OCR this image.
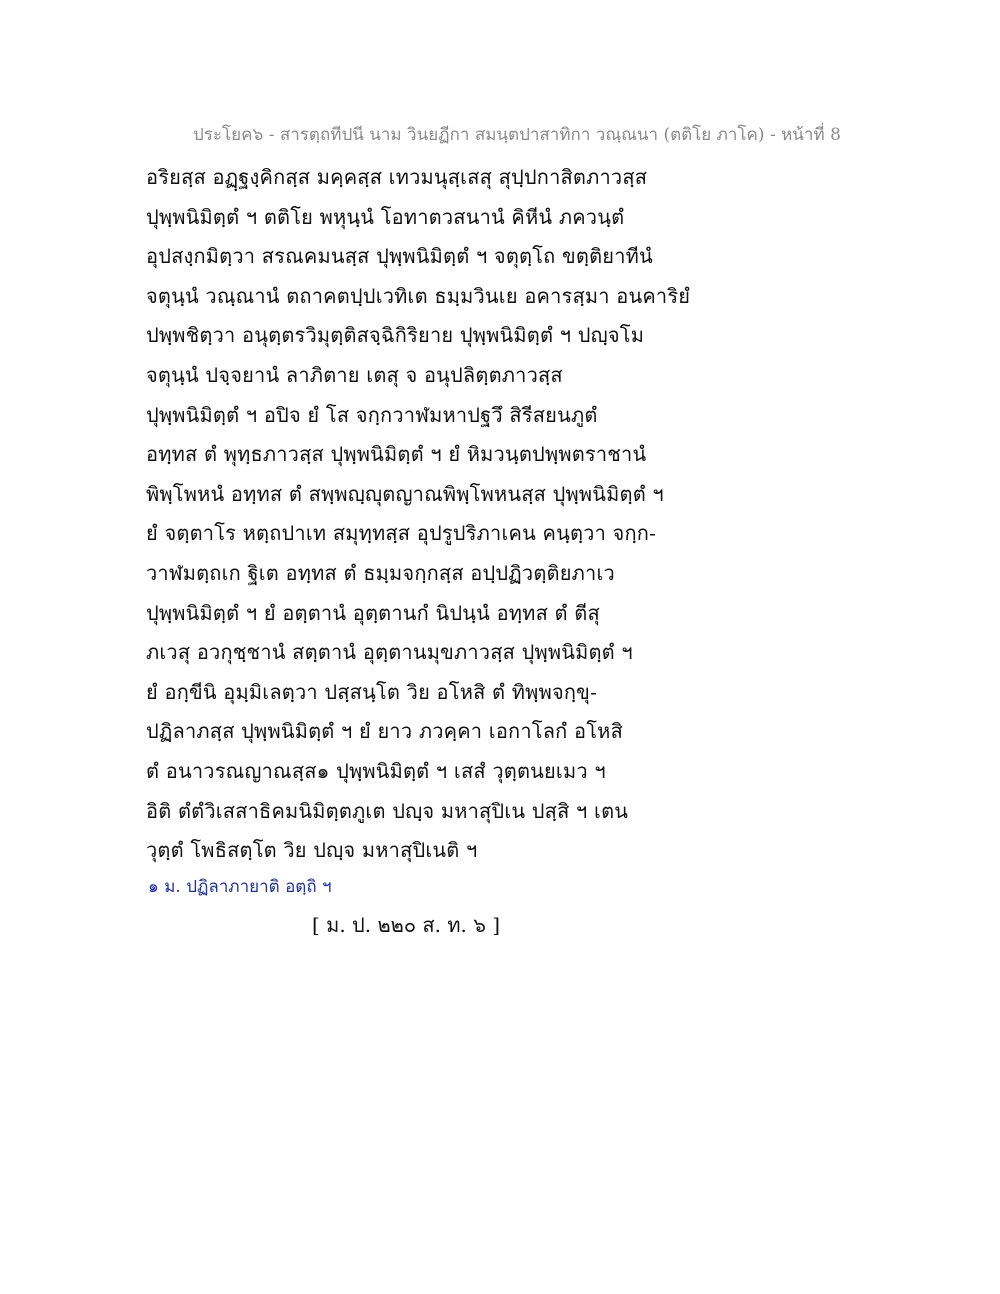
ประโยค๖ - สารตฺถทีปนี นาม วินยฏีกา สมนฺตปาสาทิกา วณฺณนา (ตติโย ภาโค) - หน้าที่ 8
อริยสฺส อฏฺฐงฺคิกสฺส มคฺคสฺส เทวมนุสฺเสสุ สุปฺปกาสิตภาวสฺส
ปุพฺพนิมิตฺตํ ฯ ตติโย พหุนฺนํ โอทาตวสนานํ คิหีนํ ภควนฺตํ
อุปสงฺกมิตฺวา สรณคมนสฺส ปุพฺพนิมิตฺตํ ฯ จตุตฺโถ ขตฺติยาทีนํ
จตุนฺนํ วณฺณานํ ตถาคตปฺปเวทิเต ธมฺมวินเย อคารสฺมา อนคาริยํ
ปพฺพชิตฺวา อนุตฺตรวิมุตฺติสจฺฉิกิริยาย ปุพฺพนิมิตฺตํ ฯ ปญฺจโม
จตุนฺนํ ปจฺจยานํ ลาภิตาย เตสุ จ อนุปลิตฺตภาวสฺส
ปุพฺพนิมิตฺตํ ฯ อปิจ ยํ โส จกฺกวาฬมหาปฐวึ สิรีสยนภูตํ
อทฺทส ตํ พุทฺธภาวสฺส ปุพฺพนิมิตฺตํ ฯ ยํ หิมวนฺตปพฺพตราชานํ
พิพฺโพหนํ อทฺทส ตํ สพฺพญฺญุตญาณพิพฺโพหนสฺส ปุพฺพนิมิตฺตํ ฯ
ยํ จตฺตาโร หตฺถปาเท สมุทฺทสฺส อุปรูปริภาเคน คนฺตฺวา จกฺก-
วาฬมตฺถเก ฐิเต อทฺทส ตํ ธมฺมจกฺกสฺส อปฺปฏิวตฺติยภาเว
ปุพฺพนิมิตฺตํ ฯ ยํ อตฺตานํ อุตฺตานกํ นิปนฺนํ อทฺทส ตํ ตีสุ
ภเวสุ อวกุชฺชานํ สตฺตานํ อุตฺตานมุขภาวสฺส ปุพฺพนิมิตฺตํ ฯ
ยํ อกฺขีนิ อุมฺมิเลตฺวา ปสฺสนฺโต วิย อโหสิ ตํ ทิพฺพจกฺขุ-
ปฏิลาภสฺส ปุพฺพนิมิตฺตํ ฯ ยํ ยาว ภวคฺคา เอกาโลกํ อโหสิ
ตํ อนาวรณญาณสฺส๑ ปุพฺพนิมิตฺตํ ฯ เสสํ วุตฺตนยเมว ฯ
อิติ ตํตํวิเสสาธิคมนิมิตฺตภูเต ปญฺจ มหาสุปิเน ปสฺสิ ฯ เตน
วุตฺตํ โพธิสตฺโต วิย ปญฺจ มหาสุปิเนติ ฯ
๑ ม. ปฏิลาภายาติ อตฺถิ ฯ
[ ม. ป. ๒๒๐ ส. ท. ๖ ]
